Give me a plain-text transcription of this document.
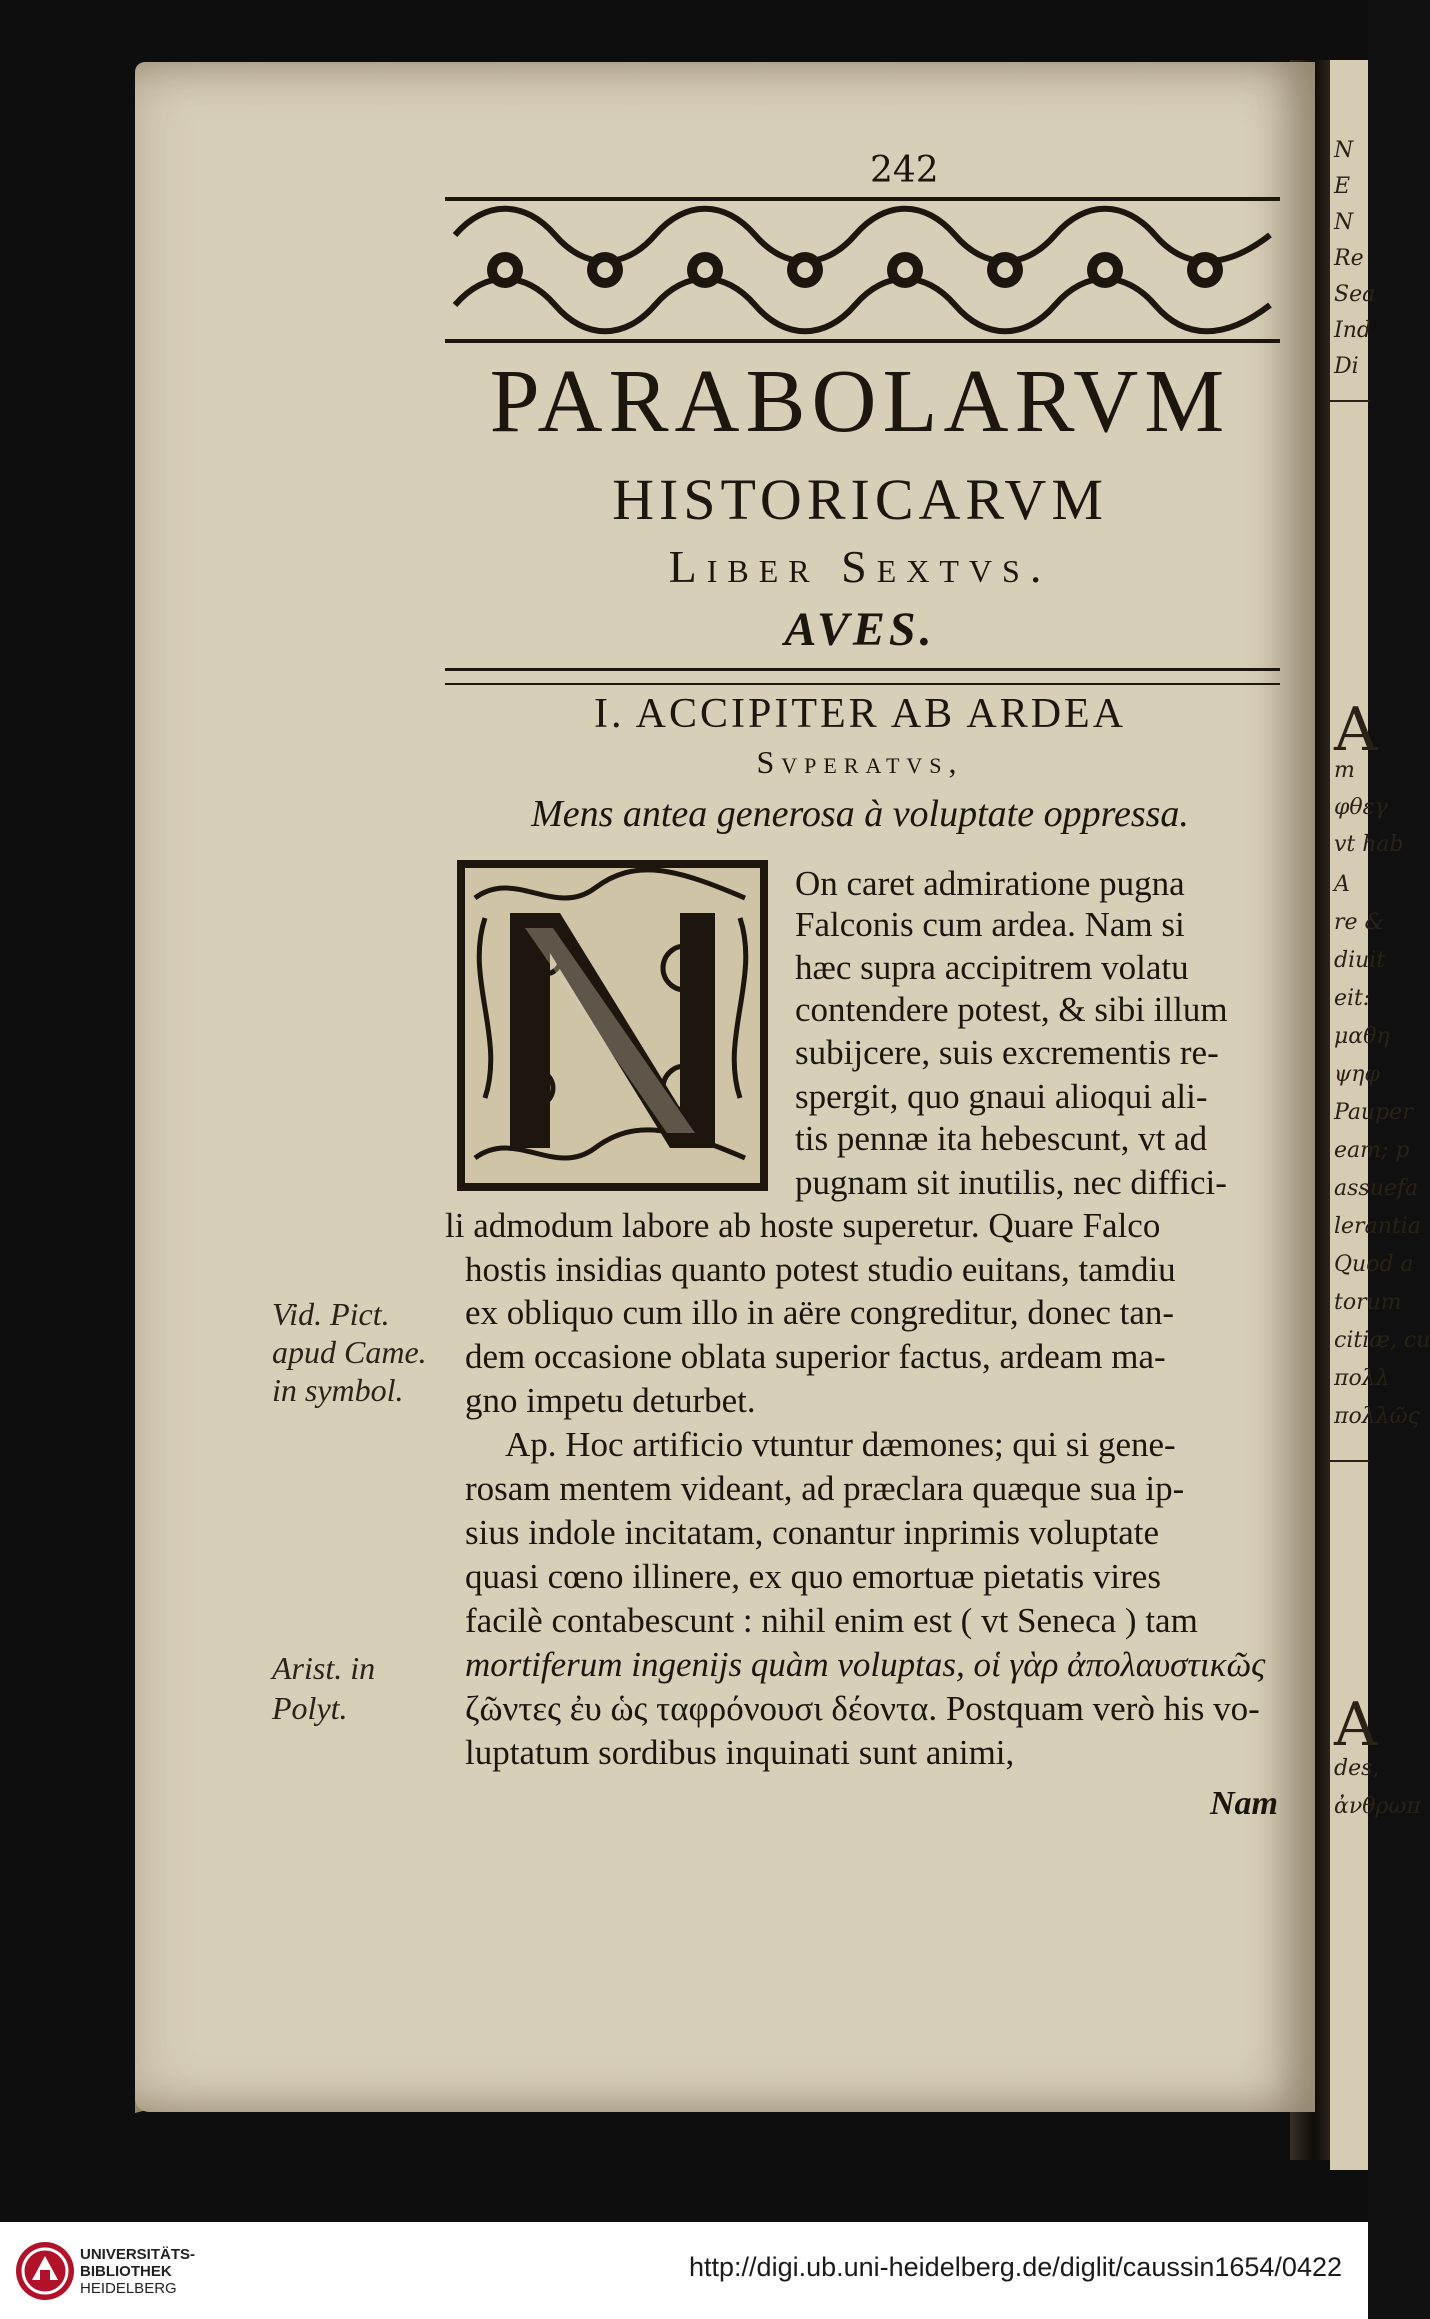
N
E
N
Re
Sea
Ind
Di
A
m
φθεγ
vt hab
A
re &
diuit
eit:
μαθη
ψηφ
Pauper
eam; p
assuefa
lerantia
Quod a
torum
citiæ, cu
πολλ
πολλῶς
A
des,
ἀνθρωπ
242
PARABOLARVM
HISTORICARVM
Liber Sextvs.
AVES.
I. ACCIPITER AB ARDEA
Svperatvs,
Mens antea generosa à voluptate oppressa.
On caret admiratione pugna
Falconis cum ardea. Nam si
hæc supra accipitrem volatu
contendere potest, & sibi illum
subijcere, suis excrementis re-
spergit, quo gnaui alioqui ali-
tis pennæ ita hebescunt, vt ad
pugnam sit inutilis, nec diffici-
li admodum labore ab hoste superetur. Quare Falco
hostis insidias quanto potest studio euitans, tamdiu
ex obliquo cum illo in aëre congreditur, donec tan-
dem occasione oblata superior factus, ardeam ma-
gno impetu deturbet.
Ap. Hoc artificio vtuntur dæmones; qui si gene-
rosam mentem videant, ad præclara quæque sua ip-
sius indole incitatam, conantur inprimis voluptate
quasi cœno illinere, ex quo emortuæ pietatis vires
facilè contabescunt : nihil enim est ( vt Seneca ) tam
mortiferum ingenijs quàm voluptas, οἱ γὰρ ἀπολαυστικῶς
ζῶντες ἐυ ὡς ταφρόνουσι δέοντα. Postquam verò his vo-
luptatum sordibus inquinati sunt animi,
Nam
Vid. Pict.
apud Came.
in symbol.
Arist. in
Polyt.
UNIVERSITÄTS-
BIBLIOTHEK
HEIDELBERG
http://digi.ub.uni-heidelberg.de/diglit/caussin1654/0422
